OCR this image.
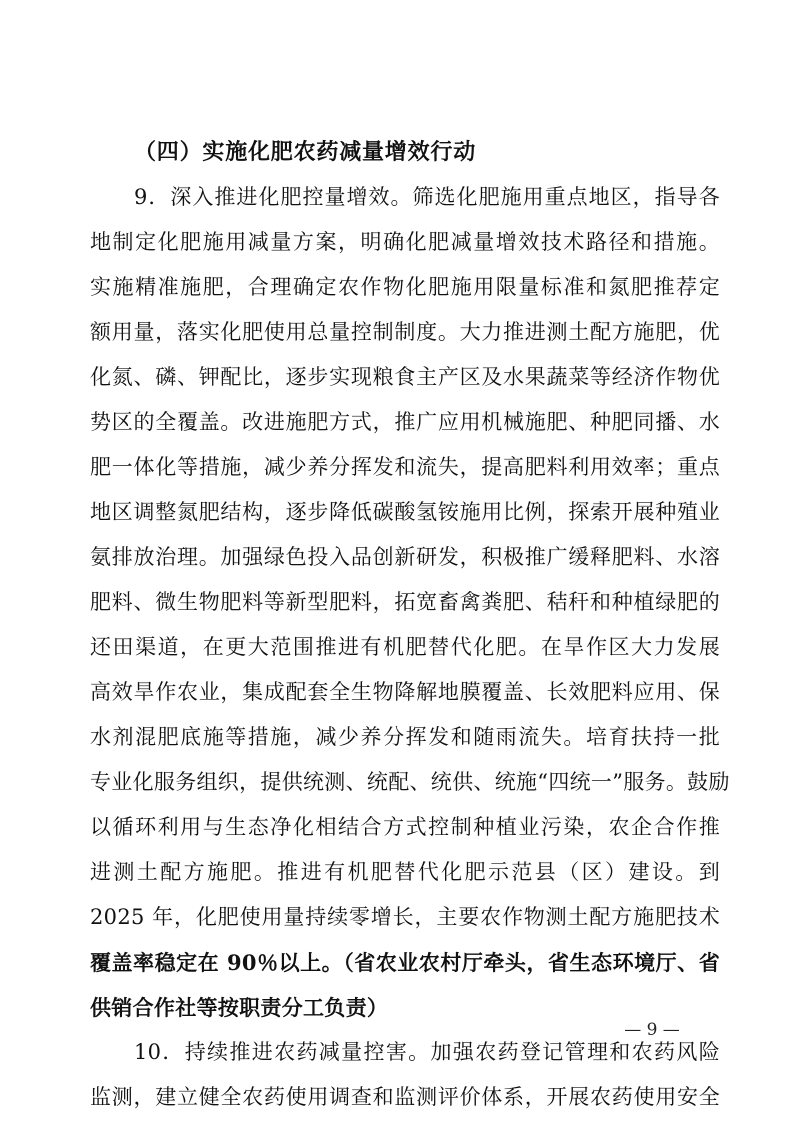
（四）实施化肥农药减量增效行动

9．深入推进化肥控量增效。筛选化肥施用重点地区，指导各
地制定化肥施用减量方案，明确化肥减量增效技术路径和措施。
实施精准施肥，合理确定农作物化肥施用限量标准和氮肥推荐定
额用量，落实化肥使用总量控制制度。大力推进测土配方施肥，优
化氮、磷、钾配比，逐步实现粮食主产区及水果蔬菜等经济作物优
势区的全覆盖。改进施肥方式，推广应用机械施肥、种肥同播、水
肥一体化等措施，减少养分挥发和流失，提高肥料利用效率；重点
地区调整氮肥结构，逐步降低碳酸氢铵施用比例，探索开展种殖业
氨排放治理。加强绿色投入品创新研发，积极推广缓释肥料、水溶
肥料、微生物肥料等新型肥料，拓宽畜禽粪肥、秸秆和种植绿肥的
还田渠道，在更大范围推进有机肥替代化肥。在旱作区大力发展
高效旱作农业，集成配套全生物降解地膜覆盖、长效肥料应用、保
水剂混肥底施等措施，减少养分挥发和随雨流失。培育扶持一批
专业化服务组织，提供统测、统配、统供、统施“四统一”服务。鼓励
以循环利用与生态净化相结合方式控制种植业污染，农企合作推
进测土配方施肥。推进有机肥替代化肥示范县（区）建设。到
2025 年，化肥使用量持续零增长，主要农作物测土配方施肥技术
覆盖率稳定在 90％以上。（省农业农村厅牵头，省生态环境厅、省
供销合作社等按职责分工负责）
10．持续推进农药减量控害。加强农药登记管理和农药风险
监测，建立健全农药使用调查和监测评价体系，开展农药使用安全
— 9 —
